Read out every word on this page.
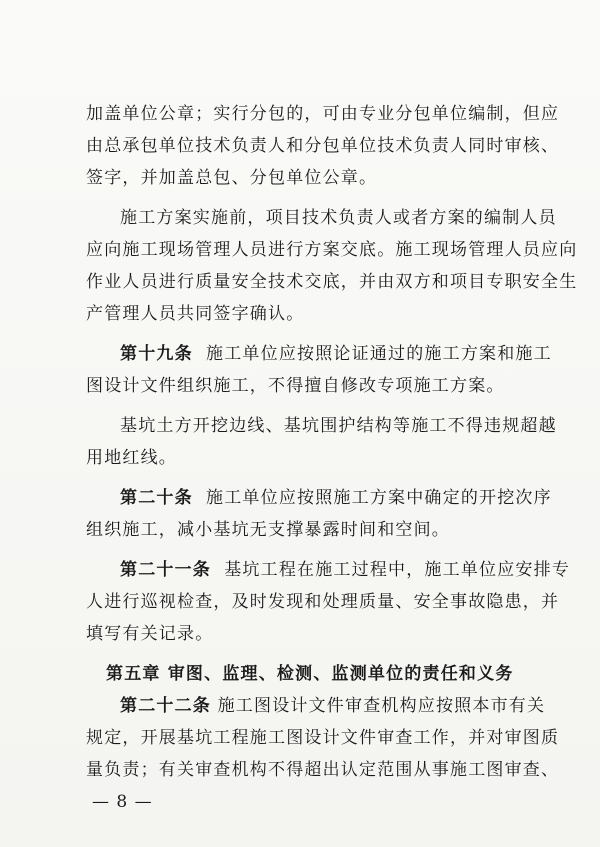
加盖单位公章；实行分包的，可由专业分包单位编制，但应
由总承包单位技术负责人和分包单位技术负责人同时审核、
签字，并加盖总包、分包单位公章。
施工方案实施前，项目技术负责人或者方案的编制人员
应向施工现场管理人员进行方案交底。施工现场管理人员应向
作业人员进行质量安全技术交底，并由双方和项目专职安全生
产管理人员共同签字确认。
第十九条 施工单位应按照论证通过的施工方案和施工
图设计文件组织施工，不得擅自修改专项施工方案。
基坑土方开挖边线、基坑围护结构等施工不得违规超越
用地红线。
第二十条 施工单位应按照施工方案中确定的开挖次序
组织施工，减小基坑无支撑暴露时间和空间。
第二十一条 基坑工程在施工过程中，施工单位应安排专
人进行巡视检查，及时发现和处理质量、安全事故隐患，并
填写有关记录。
第五章 审图、监理、检测、监测单位的责任和义务
第二十二条 施工图设计文件审查机构应按照本市有关
规定，开展基坑工程施工图设计文件审查工作，并对审图质
量负责；有关审查机构不得超出认定范围从事施工图审查、
— 8 —
